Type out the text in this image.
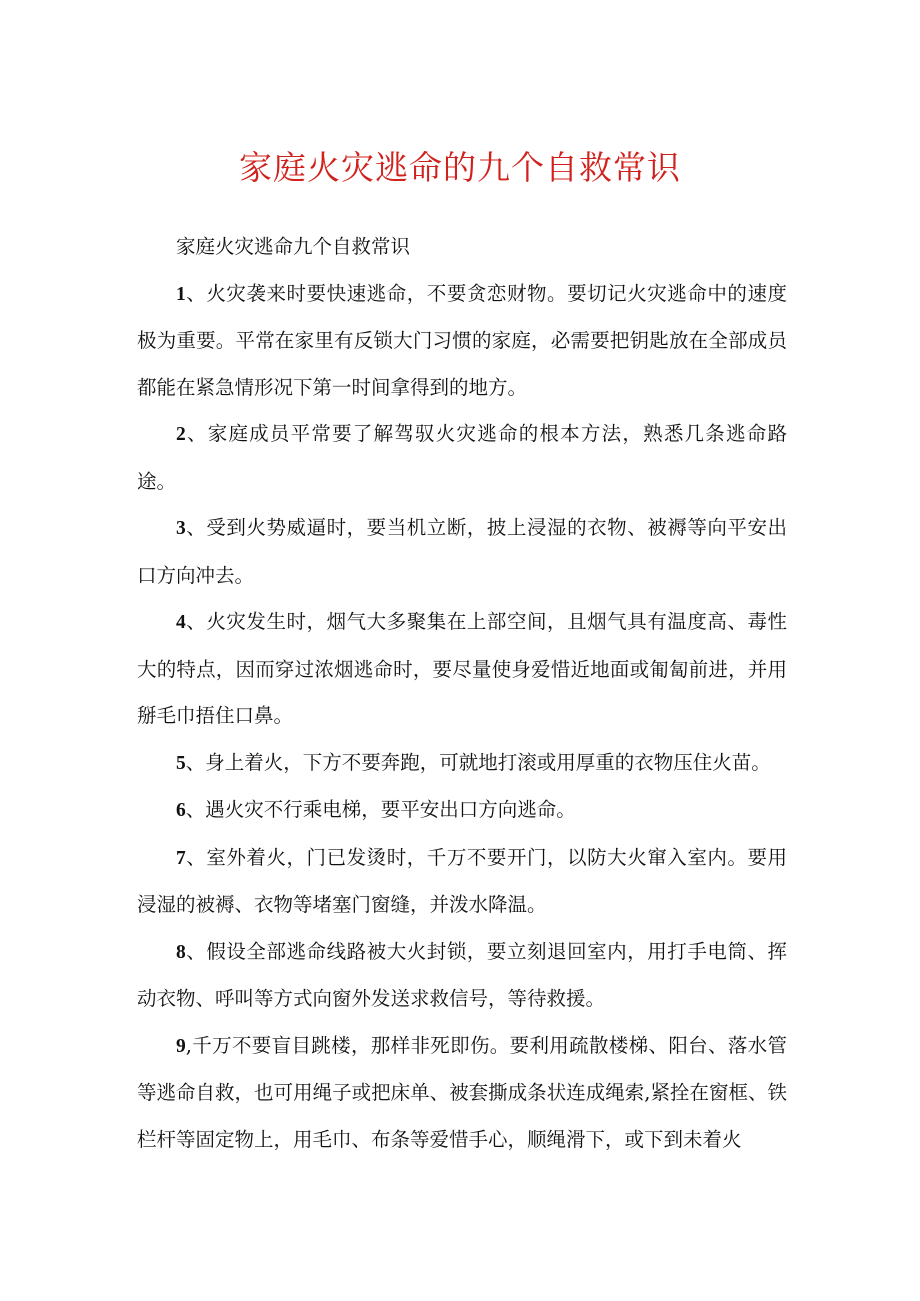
家庭火灾逃命的九个自救常识

家庭火灾逃命九个自救常识

1、火灾袭来时要快速逃命，不要贪恋财物。要切记火灾逃命中的速度极为重要。平常在家里有反锁大门习惯的家庭，必需要把钥匙放在全部成员都能在紧急情形况下第一时间拿得到的地方。

2、家庭成员平常要了解驾驭火灾逃命的根本方法，熟悉几条逃命路途。

3、受到火势威逼时，要当机立断，披上浸湿的衣物、被褥等向平安出口方向冲去。

4、火灾发生时，烟气大多聚集在上部空间，且烟气具有温度高、毒性大的特点，因而穿过浓烟逃命时，要尽量使身爱惜近地面或匍匐前进，并用掰毛巾捂住口鼻。

5、身上着火，下方不要奔跑，可就地打滚或用厚重的衣物压住火苗。

6、遇火灾不行乘电梯，要平安出口方向逃命。

7、室外着火，门已发烫时，千万不要开门，以防大火窜入室内。要用浸湿的被褥、衣物等堵塞门窗缝，并泼水降温。

8、假设全部逃命线路被大火封锁，要立刻退回室内，用打手电筒、挥动衣物、呼叫等方式向窗外发送求救信号，等待救援。

9,千万不要盲目跳楼，那样非死即伤。要利用疏散楼梯、阳台、落水管等逃命自救，也可用绳子或把床单、被套撕成条状连成绳索,紧拴在窗框、铁栏杆等固定物上，用毛巾、布条等爱惜手心，顺绳滑下，或下到未着火
